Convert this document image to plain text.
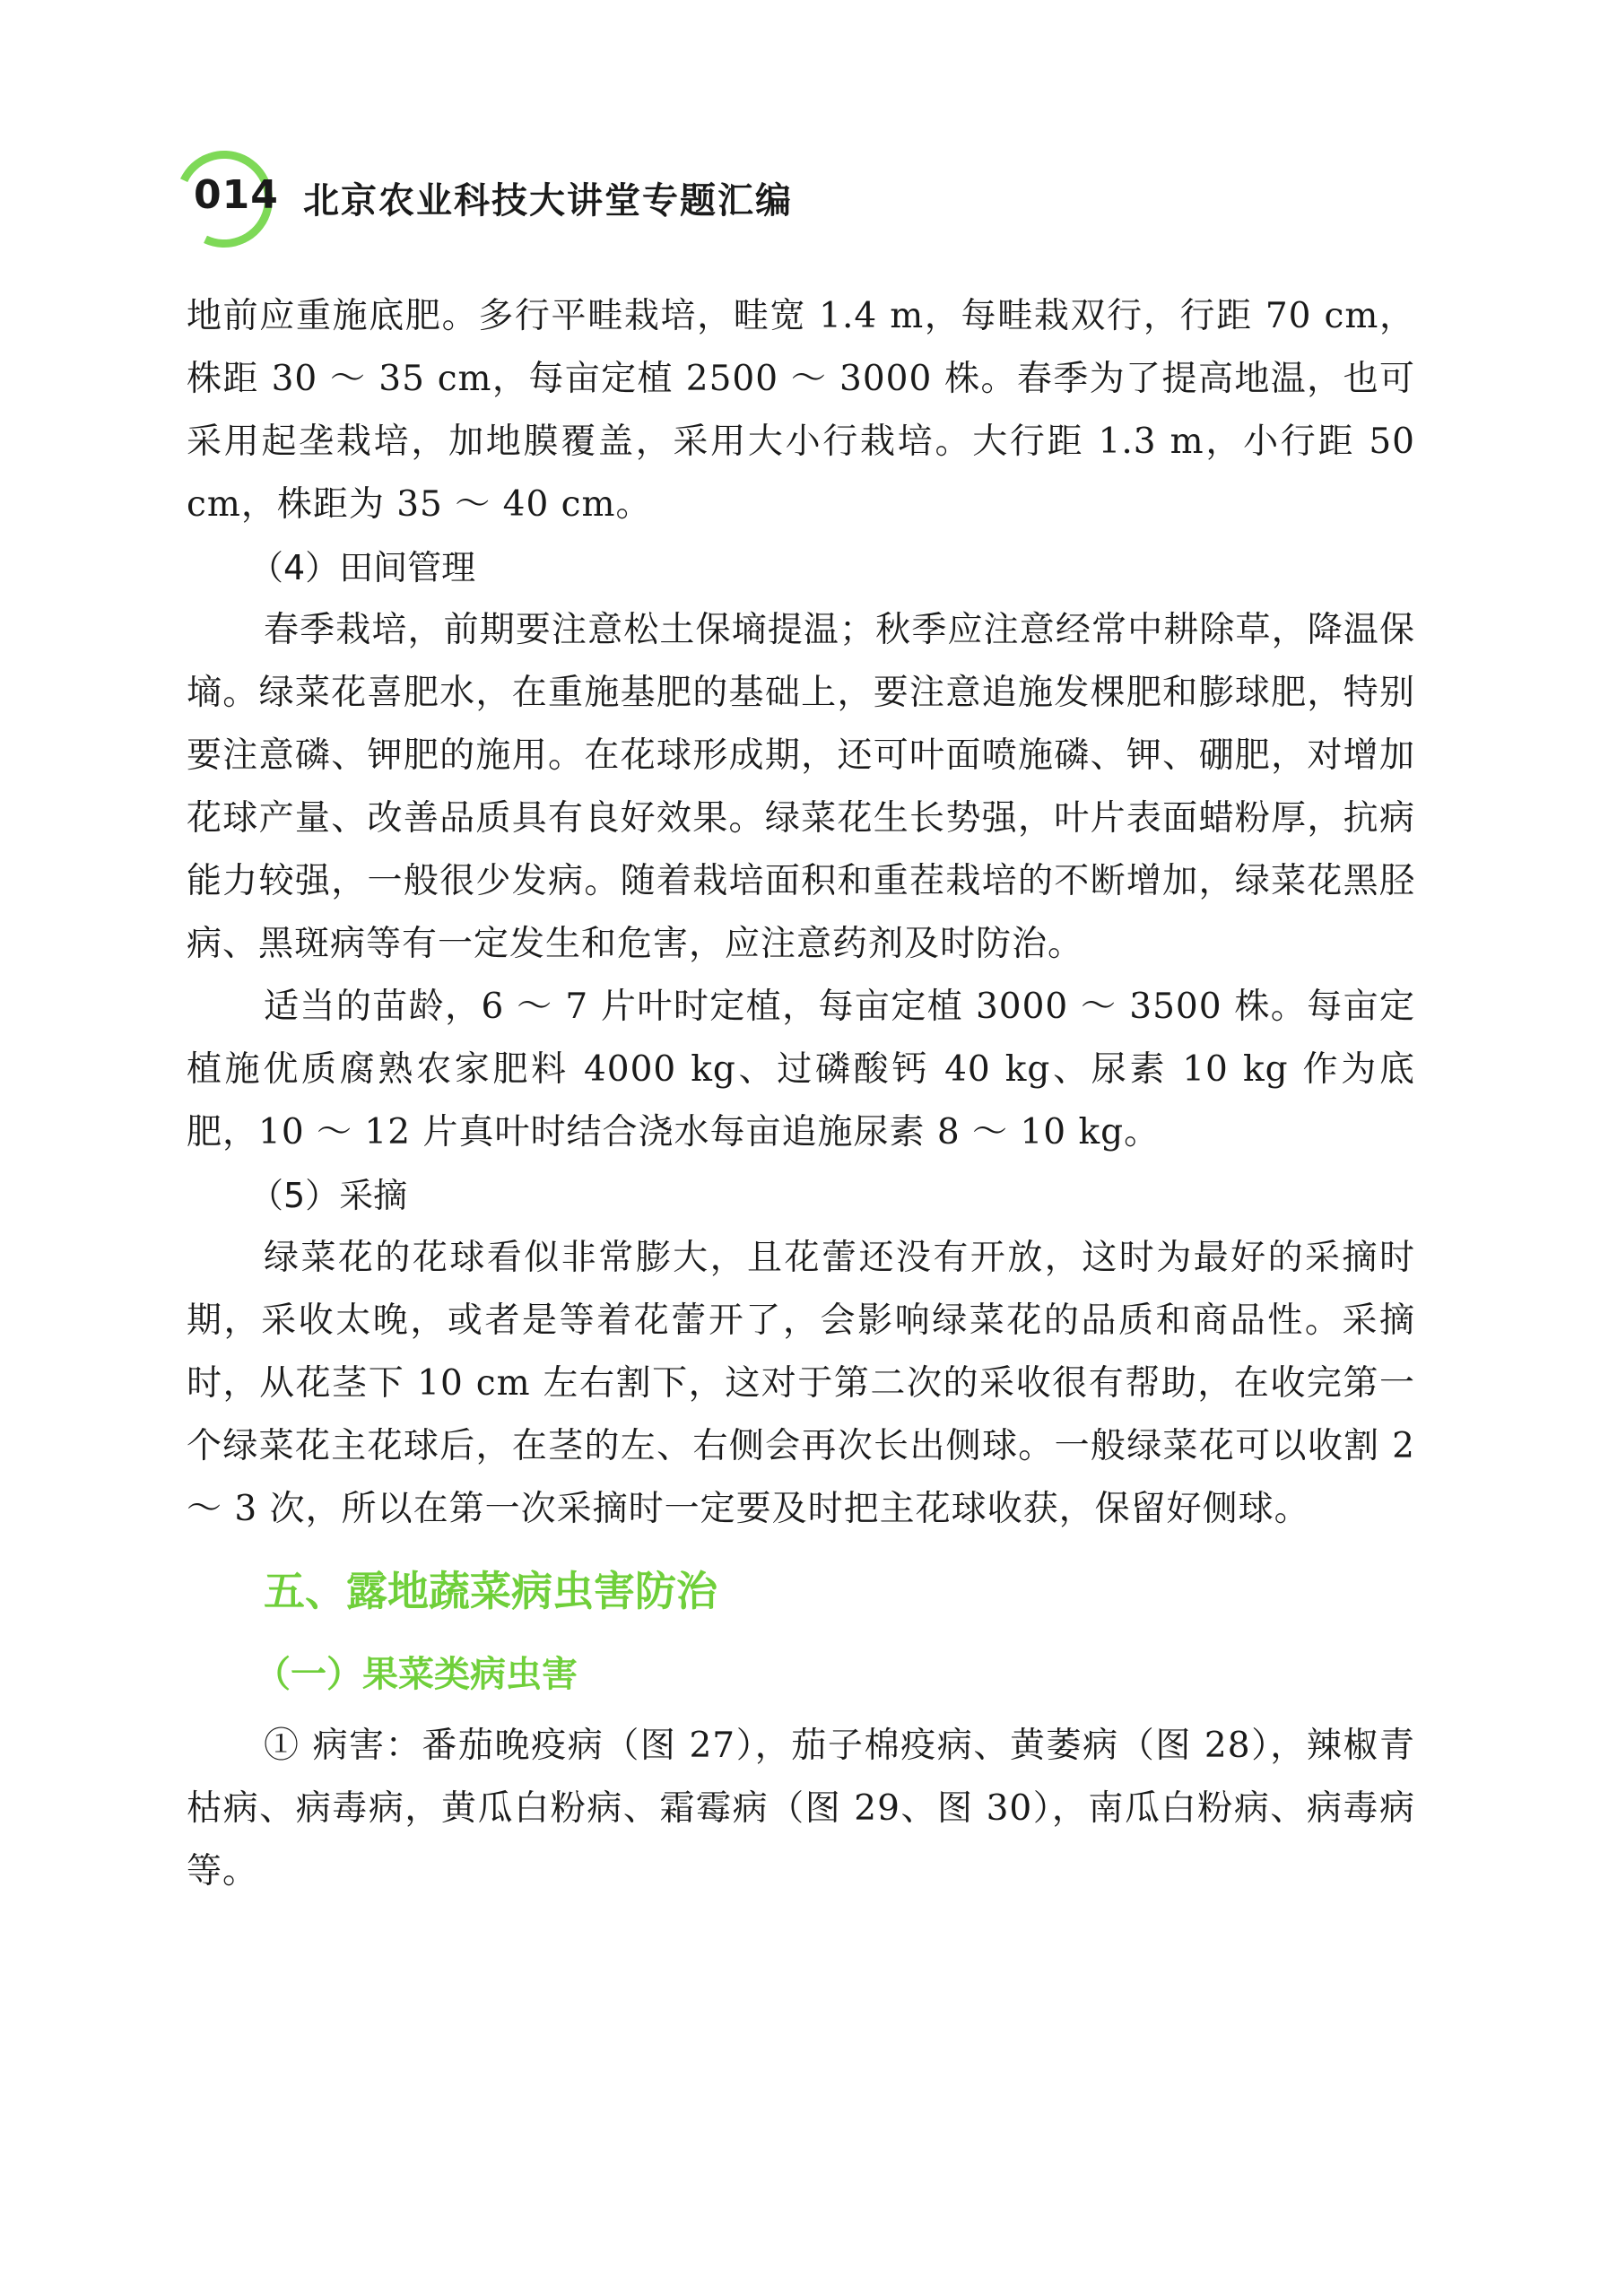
014 北京农业科技大讲堂专题汇编

地前应重施底肥。多行平畦栽培，畦宽 1.4 m，每畦栽双行，行距 70 cm，株距 30 ～ 35 cm，每亩定植 2500 ～ 3000 株。春季为了提高地温，也可采用起垄栽培，加地膜覆盖，采用大小行栽培。大行距 1.3 m，小行距 50 cm，株距为 35 ～ 40 cm。

（4）田间管理

春季栽培，前期要注意松土保墒提温；秋季应注意经常中耕除草，降温保墒。绿菜花喜肥水，在重施基肥的基础上，要注意追施发棵肥和膨球肥，特别要注意磷、钾肥的施用。在花球形成期，还可叶面喷施磷、钾、硼肥，对增加花球产量、改善品质具有良好效果。绿菜花生长势强，叶片表面蜡粉厚，抗病能力较强，一般很少发病。随着栽培面积和重茬栽培的不断增加，绿菜花黑胫病、黑斑病等有一定发生和危害，应注意药剂及时防治。

适当的苗龄，6 ～ 7 片叶时定植，每亩定植 3000 ～ 3500 株。每亩定植施优质腐熟农家肥料 4000 kg、过磷酸钙 40 kg、尿素 10 kg 作为底肥，10 ～ 12 片真叶时结合浇水每亩追施尿素 8 ～ 10 kg。

（5）采摘

绿菜花的花球看似非常膨大，且花蕾还没有开放，这时为最好的采摘时期，采收太晚，或者是等着花蕾开了，会影响绿菜花的品质和商品性。采摘时，从花茎下 10 cm 左右割下，这对于第二次的采收很有帮助，在收完第一个绿菜花主花球后，在茎的左、右侧会再次长出侧球。一般绿菜花可以收割 2 ～ 3 次，所以在第一次采摘时一定要及时把主花球收获，保留好侧球。

五、露地蔬菜病虫害防治
（一）果菜类病虫害

① 病害：番茄晚疫病（图 27），茄子棉疫病、黄萎病（图 28），辣椒青枯病、病毒病，黄瓜白粉病、霜霉病（图 29、图 30），南瓜白粉病、病毒病等。
